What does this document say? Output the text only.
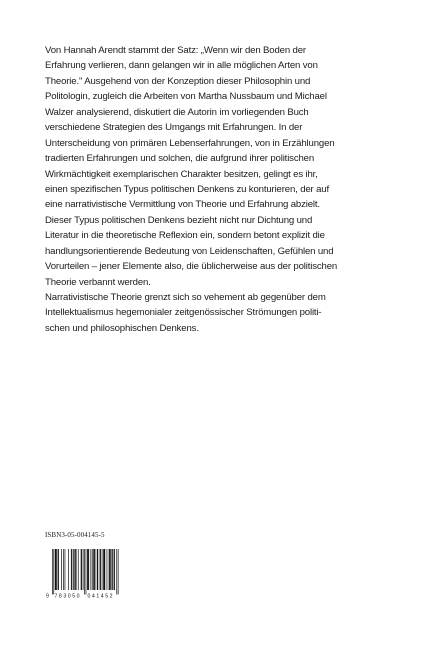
Von Hannah Arendt stammt der Satz: „Wenn wir den Boden der
Erfahrung verlieren, dann gelangen wir in alle möglichen Arten von
Theorie." Ausgehend von der Konzeption dieser Philosophin und
Politologin, zugleich die Arbeiten von Martha Nussbaum und Michael
Walzer analysierend, diskutiert die Autorin im vorliegenden Buch
verschiedene Strategien des Umgangs mit Erfahrungen. In der
Unterscheidung von primären Lebenserfahrungen, von in Erzählungen
tradierten Erfahrungen und solchen, die aufgrund ihrer politischen
Wirkmächtigkeit exemplarischen Charakter besitzen, gelingt es ihr,
einen spezifischen Typus politischen Denkens zu konturieren, der auf
eine narrativistische Vermittlung von Theorie und Erfahrung abzielt.
Dieser Typus politischen Denkens bezieht nicht nur Dichtung und
Literatur in die theoretische Reflexion ein, sondern betont explizit die
handlungsorientierende Bedeutung von Leidenschaften, Gefühlen und
Vorurteilen – jener Elemente also, die üblicherweise aus der politischen
Theorie verbannt werden.

Narrativistische Theorie grenzt sich so vehement ab gegenüber dem
Intellektualismus hegemonialer zeitgenössischer Strömungen politi-
schen und philosophischen Denkens.

ISBN3-05-004145-5
9 783050 041452
